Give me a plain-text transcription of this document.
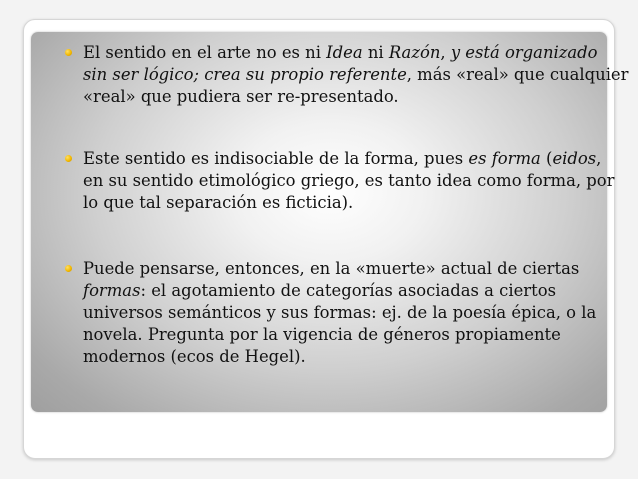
El sentido en el arte no es ni Idea ni Razón, y está organizado
sin ser lógico; crea su propio referente, más «real» que cualquier
«real» que pudiera ser re-presentado.
Este sentido es indisociable de la forma, pues es forma (eidos,
en su sentido etimológico griego, es tanto idea como forma, por
lo que tal separación es ficticia).
Puede pensarse, entonces, en la «muerte» actual de ciertas
formas: el agotamiento de categorías asociadas a ciertos
universos semánticos y sus formas: ej. de la poesía épica, o la
novela. Pregunta por la vigencia de géneros propiamente
modernos (ecos de Hegel).
